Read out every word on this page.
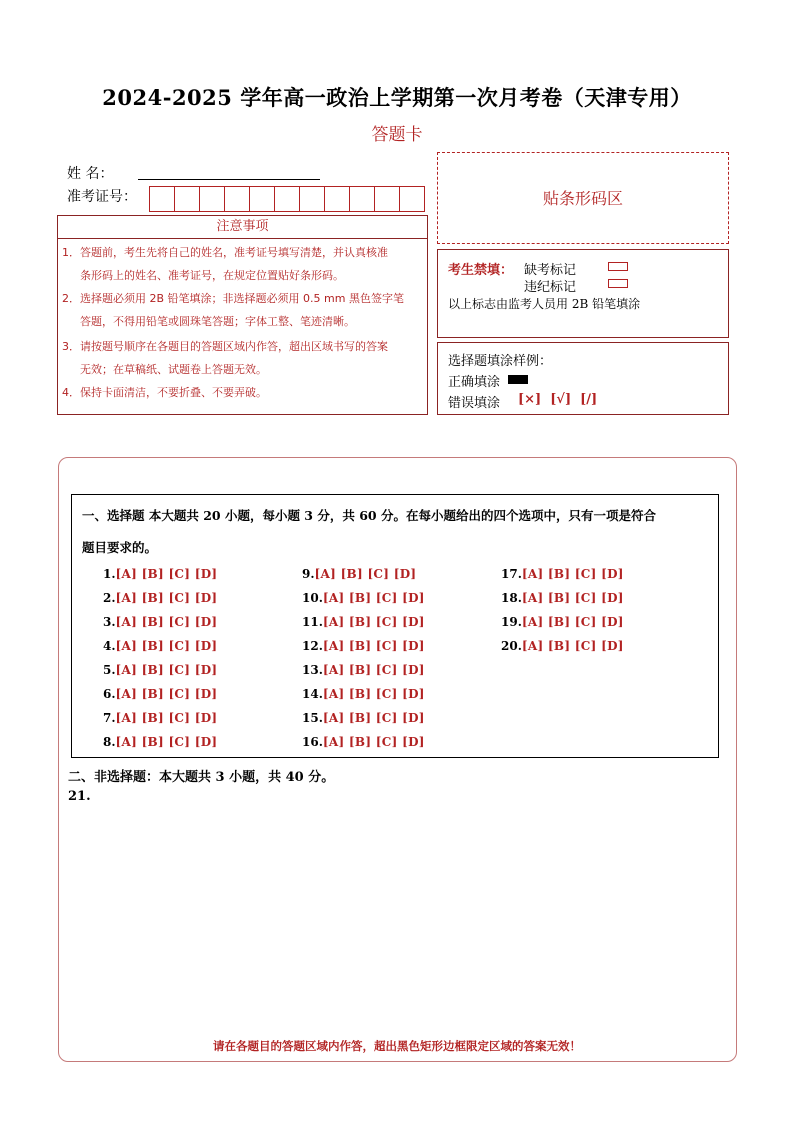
2024-2025 学年高一政治上学期第一次月考卷（天津专用）
答题卡
姓 名：
准考证号：
注意事项
1．答题前，考生先将自己的姓名，准考证号填写清楚，并认真核准
条形码上的姓名、准考证号，在规定位置贴好条形码。
2．选择题必须用 2B 铅笔填涂；非选择题必须用 0.5 mm 黑色签字笔
答题，不得用铅笔或圆珠笔答题；字体工整、笔迹清晰。
3．请按题号顺序在各题目的答题区域内作答，超出区域书写的答案
无效；在草稿纸、试题卷上答题无效。
4．保持卡面清洁，不要折叠、不要弄破。
贴条形码区
考生禁填： 缺考标记
违纪标记
以上标志由监考人员用 2B 铅笔填涂
选择题填涂样例：
正确填涂
错误填涂 [×]  [√]  [/]
一、选择题 本大题共 20 小题，每小题 3 分，共 60 分。在每小题给出的四个选项中，只有一项是符合
题目要求的。
1.[A] [B] [C] [D]
2.[A] [B] [C] [D]
3.[A] [B] [C] [D]
4.[A] [B] [C] [D]
5.[A] [B] [C] [D]
6.[A] [B] [C] [D]
7.[A] [B] [C] [D]
8.[A] [B] [C] [D]
9.[A] [B] [C] [D]
10.[A] [B] [C] [D]
11.[A] [B] [C] [D]
12.[A] [B] [C] [D]
13.[A] [B] [C] [D]
14.[A] [B] [C] [D]
15.[A] [B] [C] [D]
16.[A] [B] [C] [D]
17.[A] [B] [C] [D]
18.[A] [B] [C] [D]
19.[A] [B] [C] [D]
20.[A] [B] [C] [D]
二、非选择题：本大题共 3 小题，共 40 分。
21.
请在各题目的答题区域内作答，超出黑色矩形边框限定区域的答案无效！
